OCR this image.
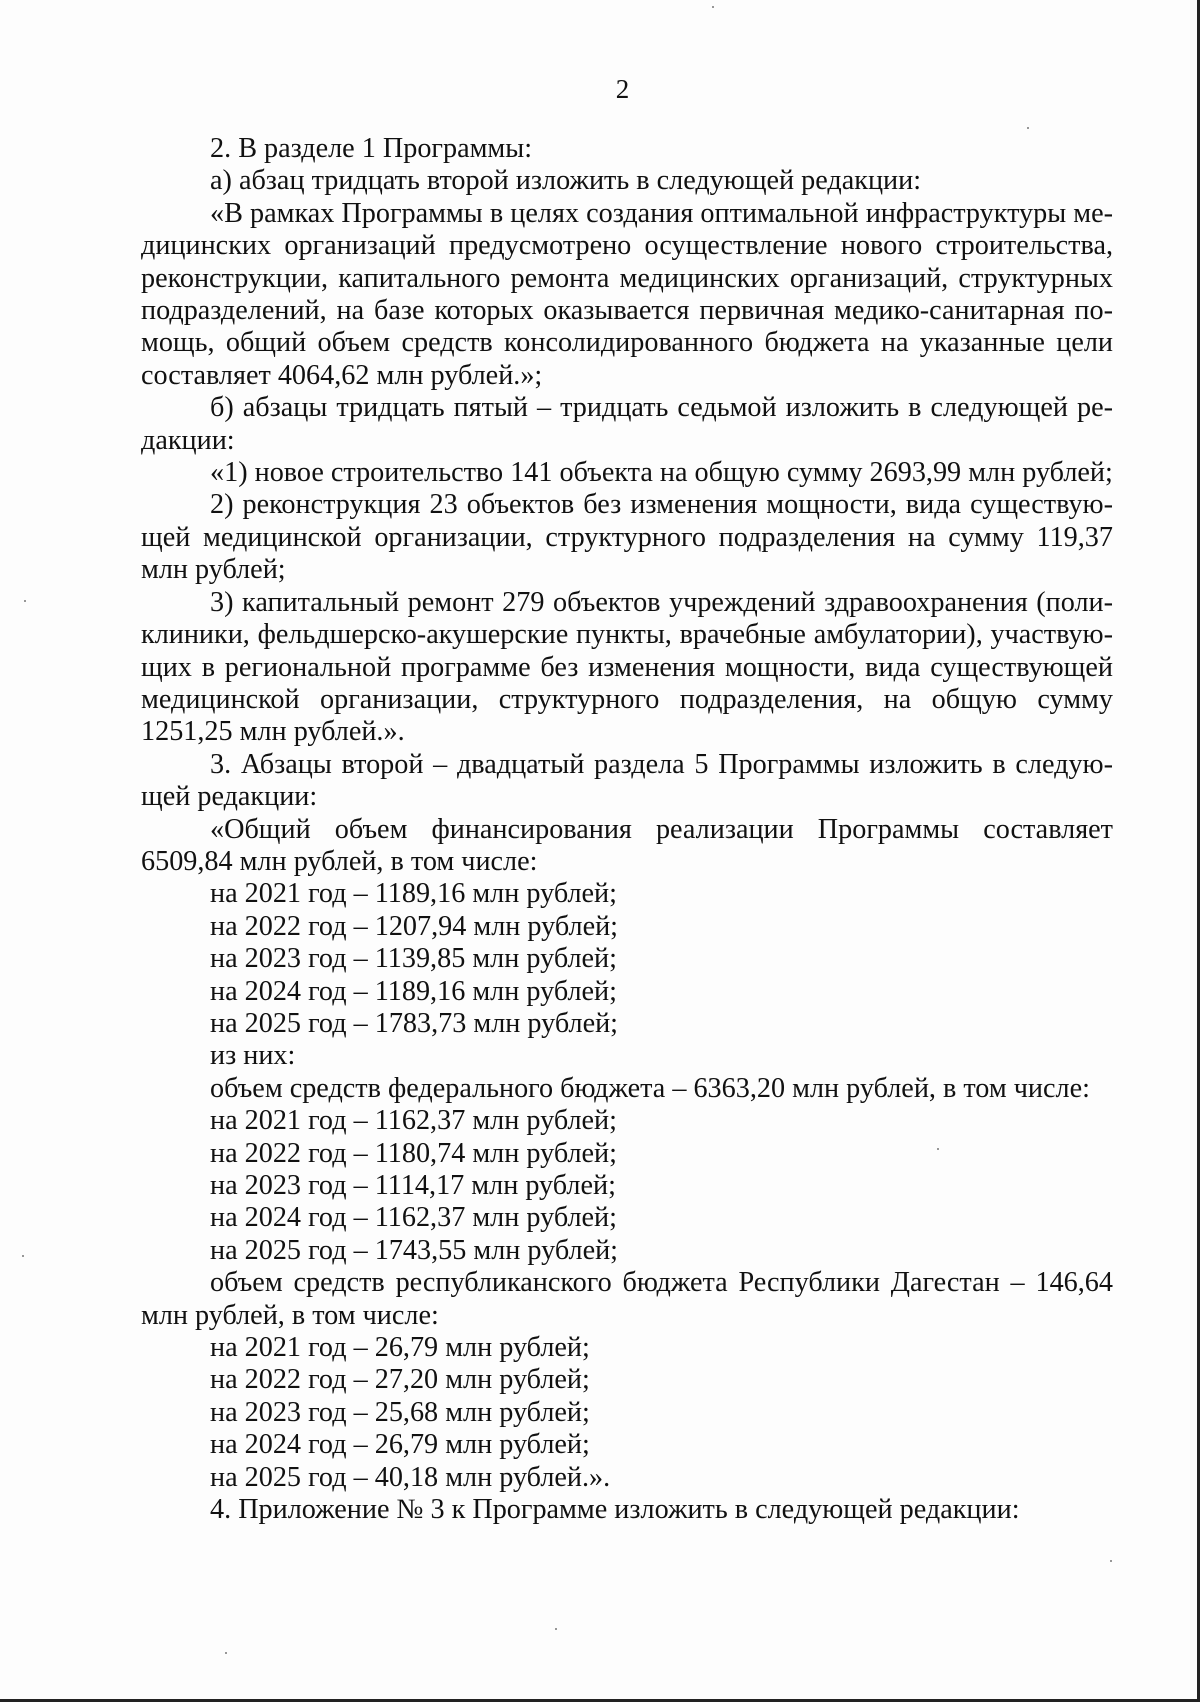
2

2. В разделе 1 Программы:

а) абзац тридцать второй изложить в следующей редакции:

«В рамках Программы в целях создания оптимальной инфраструктуры медицинских организаций предусмотрено осуществление нового строительства, реконструкции, капитального ремонта медицинских организаций, структурных подразделений, на базе которых оказывается первичная медико-санитарная помощь, общий объем средств консолидированного бюджета на указанные цели составляет 4064,62 млн рублей.»;

б) абзацы тридцать пятый – тридцать седьмой изложить в следующей редакции:

«1) новое строительство 141 объекта на общую сумму 2693,99 млн рублей;

2) реконструкция 23 объектов без изменения мощности, вида существующей медицинской организации, структурного подразделения на сумму 119,37 млн рублей;

3) капитальный ремонт 279 объектов учреждений здравоохранения (поликлиники, фельдшерско-акушерские пункты, врачебные амбулатории), участвующих в региональной программе без изменения мощности, вида существующей медицинской организации, структурного подразделения, на общую сумму 1251,25 млн рублей.».

3. Абзацы второй – двадцатый раздела 5 Программы изложить в следующей редакции:

«Общий объем финансирования реализации Программы составляет 6509,84 млн рублей, в том числе:

на 2021 год – 1189,16 млн рублей;

на 2022 год – 1207,94 млн рублей;

на 2023 год – 1139,85 млн рублей;

на 2024 год – 1189,16 млн рублей;

на 2025 год – 1783,73 млн рублей;

из них:

объем средств федерального бюджета – 6363,20 млн рублей, в том числе:

на 2021 год – 1162,37 млн рублей;

на 2022 год – 1180,74 млн рублей;

на 2023 год – 1114,17 млн рублей;

на 2024 год – 1162,37 млн рублей;

на 2025 год – 1743,55 млн рублей;

объем средств республиканского бюджета Республики Дагестан – 146,64 млн рублей, в том числе:

на 2021 год – 26,79 млн рублей;

на 2022 год – 27,20 млн рублей;

на 2023 год – 25,68 млн рублей;

на 2024 год – 26,79 млн рублей;

на 2025 год – 40,18 млн рублей.».

4. Приложение № 3 к Программе изложить в следующей редакции:
